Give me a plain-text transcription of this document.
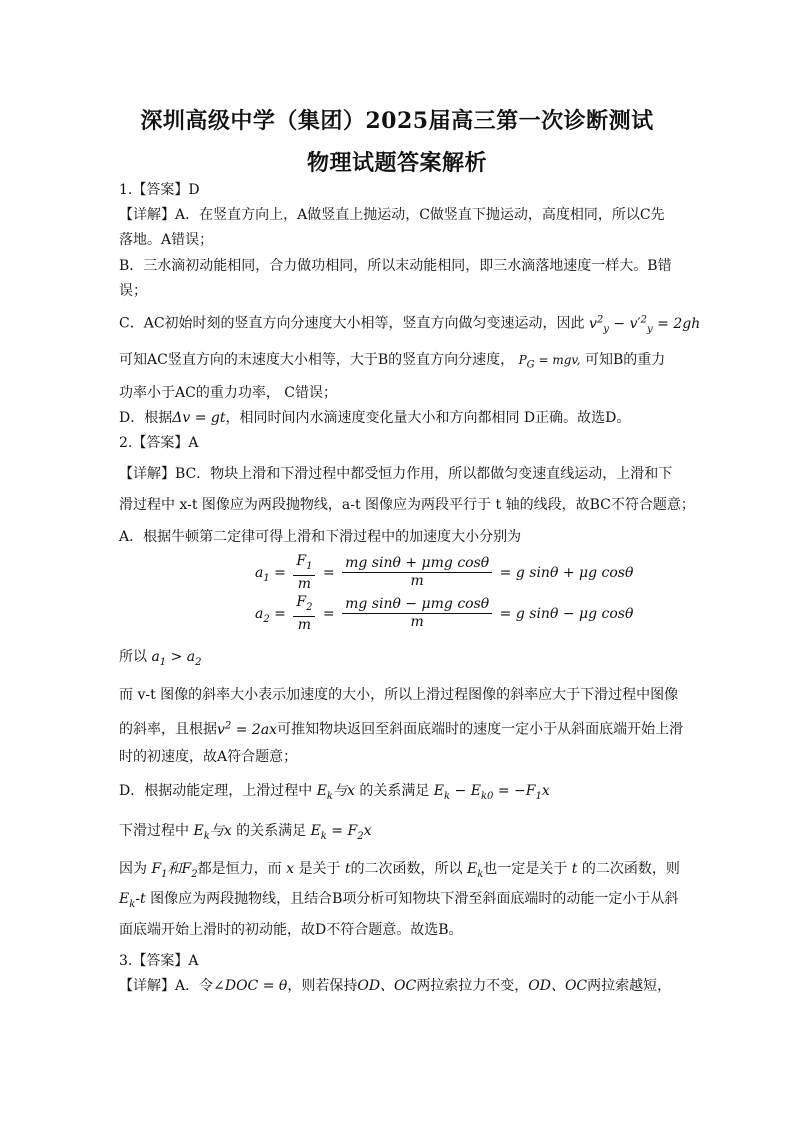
深圳高级中学（集团）2025届高三第一次诊断测试
物理试题答案解析
1.【答案】D
【详解】A．在竖直方向上，A做竖直上抛运动，C做竖直下抛运动，高度相同，所以C先
落地。A错误；
B．三水滴初动能相同，合力做功相同，所以末动能相同，即三水滴落地速度一样大。B错
误；
C．AC初始时刻的竖直方向分速度大小相等，竖直方向做匀变速运动，因此 $v^2_y - v'^2_y = 2gh$
可知AC竖直方向的末速度大小相等，大于B的竖直方向分速度， $P_G$ = mgv, 可知B的重力
功率小于AC的重力功率， C错误；
D．根据Δv = gt，相同时间内水滴速度变化量大小和方向都相同 D正确。故选D。
2.【答案】A
【详解】BC．物块上滑和下滑过程中都受恒力作用，所以都做匀变速直线运动，上滑和下
滑过程中 x-t 图像应为两段抛物线，a-t 图像应为两段平行于 t 轴的线段，故BC不符合题意；
A．根据牛顿第二定律可得上滑和下滑过程中的加速度大小分别为
$a_1 = \frac{F_1}{m} = \frac{\text{mg sinθ + μmg cosθ}}{m} = g$ sinθ + μg cosθ
$a_2 = \frac{F_2}{m} = \frac{\text{mg sinθ − μmg cosθ}}{m} = g$ sinθ − μg cosθ
所以 $a_1 > a_2$
而 v-t 图像的斜率大小表示加速度的大小，所以上滑过程图像的斜率应大于下滑过程中图像
的斜率，且根据$v^2 = 2ax$可推知物块返回至斜面底端时的速度一定小于从斜面底端开始上滑
时的初速度，故A符合题意；
D．根据动能定理，上滑过程中 $E_k$与x 的关系满足 $E_k - E_{k0} = -F_1x$
下滑过程中 $E_k$与x 的关系满足 $E_k = F_2x$
因为 $F_1$和$F_2$都是恒力，而 x 是关于 t的二次函数，所以 $E_k$也一定是关于 t 的二次函数，则
$E_k-t$ 图像应为两段抛物线，且结合B项分析可知物块下滑至斜面底端时的动能一定小于从斜
面底端开始上滑时的初动能，故D不符合题意。故选B。
3.【答案】A
【详解】A．令∠DOC = θ，则若保持OD、OC两拉索拉力不变，OD、OC两拉索越短，
